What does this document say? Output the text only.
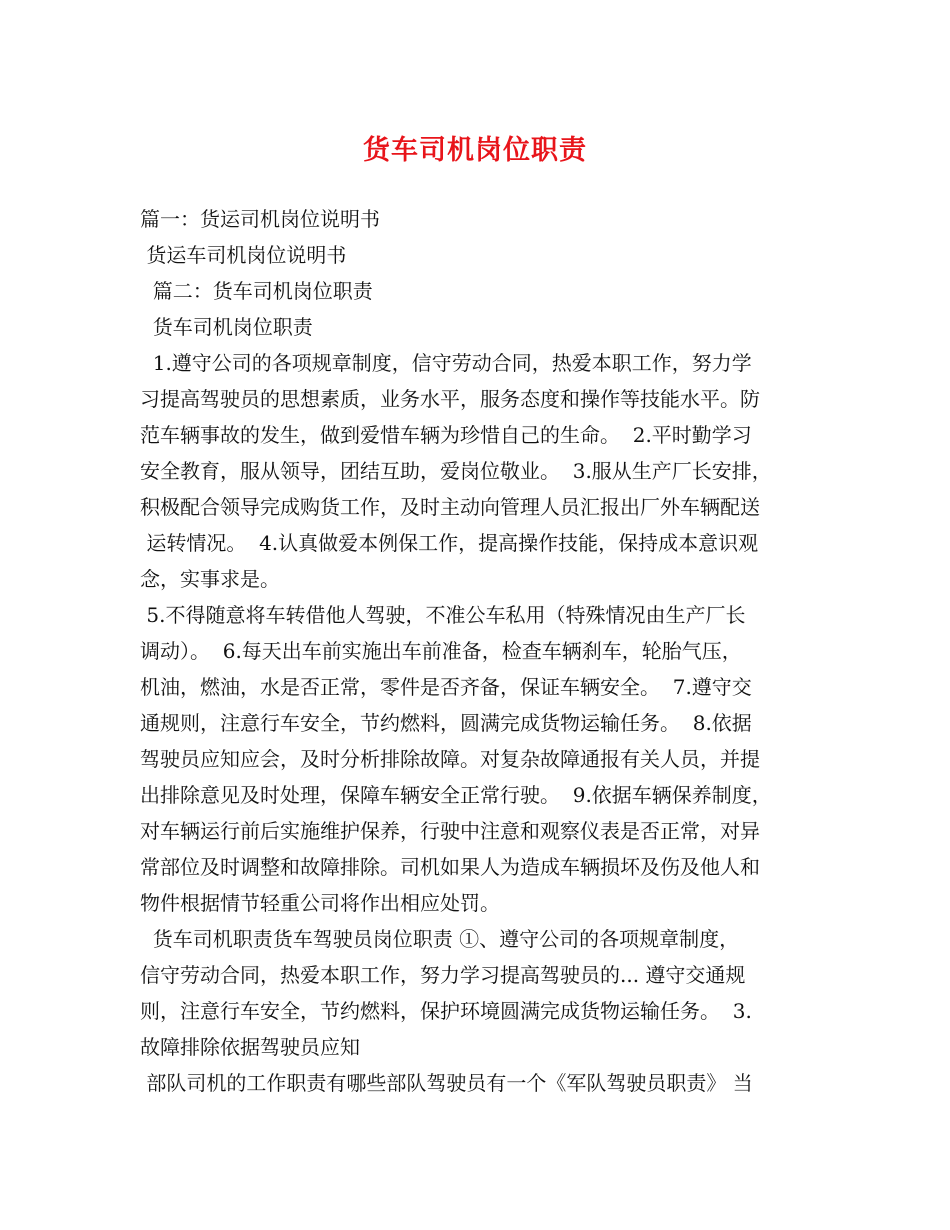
货车司机岗位职责
篇一：货运司机岗位说明书
货运车司机岗位说明书
篇二：货车司机岗位职责
货车司机岗位职责
1.遵守公司的各项规章制度，信守劳动合同，热爱本职工作，努力学
习提高驾驶员的思想素质，业务水平，服务态度和操作等技能水平。防
范车辆事故的发生，做到爱惜车辆为珍惜自己的生命。  2.平时勤学习
安全教育，服从领导，团结互助，爱岗位敬业。  3.服从生产厂长安排，
积极配合领导完成购货工作，及时主动向管理人员汇报出厂外车辆配送
运转情况。  4.认真做爱本例保工作，提高操作技能，保持成本意识观
念，实事求是。
5.不得随意将车转借他人驾驶，不准公车私用（特殊情况由生产厂长
调动）。  6.每天出车前实施出车前准备，检查车辆刹车，轮胎气压，
机油，燃油，水是否正常，零件是否齐备，保证车辆安全。  7.遵守交
通规则，注意行车安全，节约燃料，圆满完成货物运输任务。  8.依据
驾驶员应知应会，及时分析排除故障。对复杂故障通报有关人员，并提
出排除意见及时处理，保障车辆安全正常行驶。  9.依据车辆保养制度，
对车辆运行前后实施维护保养，行驶中注意和观察仪表是否正常，对异
常部位及时调整和故障排除。司机如果人为造成车辆损坏及伤及他人和
物件根据情节轻重公司将作出相应处罚。
货车司机职责货车驾驶员岗位职责 ①、遵守公司的各项规章制度，
信守劳动合同，热爱本职工作，努力学习提高驾驶员的... 遵守交通规
则，注意行车安全，节约燃料，保护环境圆满完成货物运输任务。  3.
故障排除依据驾驶员应知
部队司机的工作职责有哪些部队驾驶员有一个《军队驾驶员职责》 当
